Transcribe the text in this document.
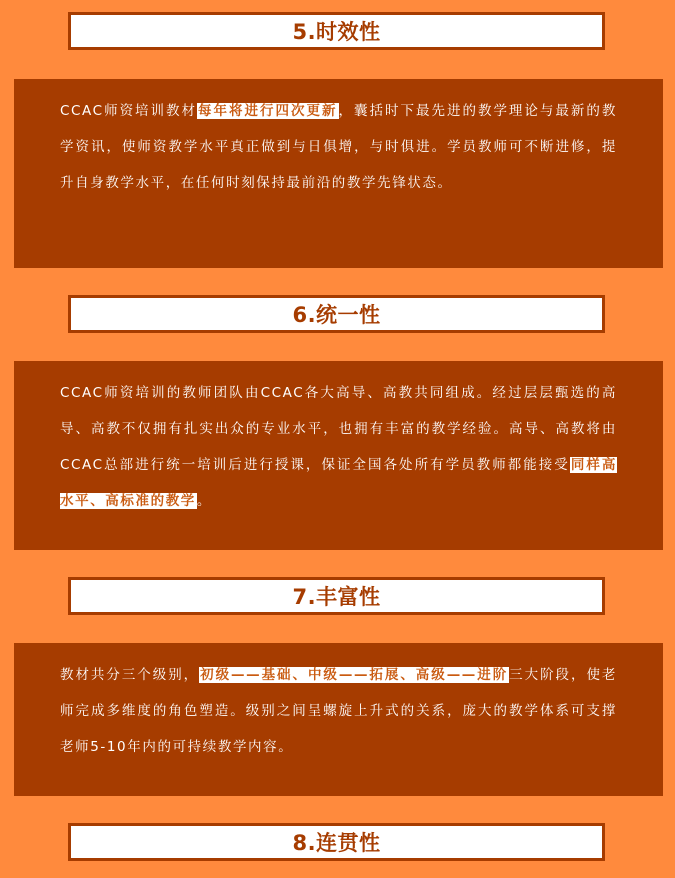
5.时效性

CCAC师资培训教材每年将进行四次更新，囊括时下最先进的教学理论与最新的教学资讯，使师资教学水平真正做到与日俱增，与时俱进。学员教师可不断进修，提升自身教学水平，在任何时刻保持最前沿的教学先锋状态。

6.统一性

CCAC师资培训的教师团队由CCAC各大高导、高教共同组成。经过层层甄选的高导、高教不仅拥有扎实出众的专业水平，也拥有丰富的教学经验。高导、高教将由CCAC总部进行统一培训后进行授课，保证全国各处所有学员教师都能接受同样高水平、高标准的教学。

7.丰富性

教材共分三个级别，初级——基础、中级——拓展、高级——进阶三大阶段，使老师完成多维度的角色塑造。级别之间呈螺旋上升式的关系，庞大的教学体系可支撑老师5-10年内的可持续教学内容。

8.连贯性
